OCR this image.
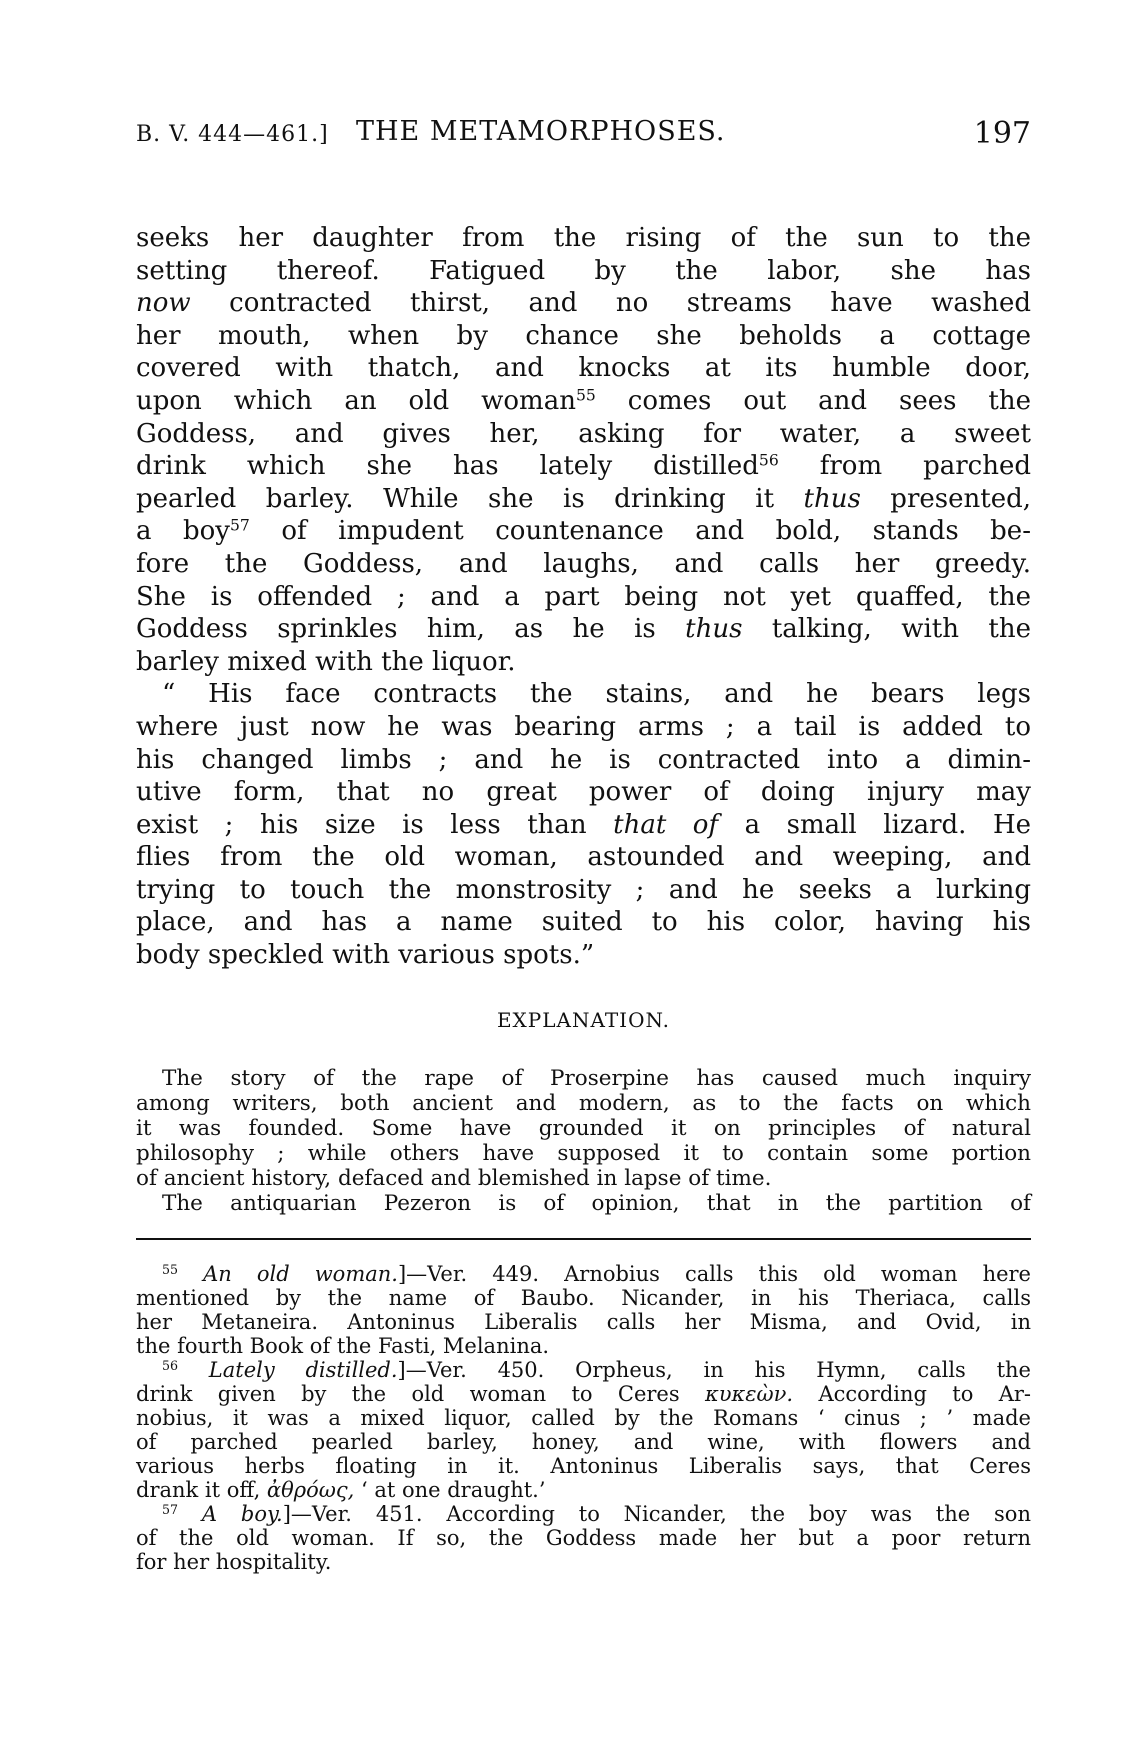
B. V. 444—461.] THE METAMORPHOSES.	197
seeks her daughter from the rising of the sun to the
setting thereof. Fatigued by the labor, she has
now contracted thirst, and no streams have washed
her mouth, when by chance she beholds a cottage
covered with thatch, and knocks at its humble door,
upon which an old woman$^{55}$ comes out and sees the
Goddess, and gives her, asking for water, a sweet
drink which she has lately distilled$^{56}$ from parched
pearled barley. While she is drinking it thus presented,
a boy$^{57}$ of impudent countenance and bold, stands be-
fore the Goddess, and laughs, and calls her greedy.
She is offended ; and a part being not yet quaffed, the
Goddess sprinkles him, as he is thus talking, with the
barley mixed with the liquor.
“ His face contracts the stains, and he bears legs
where just now he was bearing arms ; a tail is added to
his changed limbs ; and he is contracted into a dimin-
utive form, that no great power of doing injury may
exist ; his size is less than that of a small lizard. He
flies from the old woman, astounded and weeping, and
trying to touch the monstrosity ; and he seeks a lurking
place, and has a name suited to his color, having his
body speckled with various spots.”
EXPLANATION.
The story of the rape of Proserpine has caused much inquiry
among writers, both ancient and modern, as to the facts on which
it was founded. Some have grounded it on principles of natural
philosophy ; while others have supposed it to contain some portion
of ancient history, defaced and blemished in lapse of time.
The antiquarian Pezeron is of opinion, that in the partition of
$^{55}$ An old woman.]—Ver. 449. Arnobius calls this old woman here
mentioned by the name of Baubo. Nicander, in his Theriaca, calls
her Metaneira. Antoninus Liberalis calls her Misma, and Ovid, in
the fourth Book of the Fasti, Melanina.
$^{56}$ Lately distilled.]—Ver. 450. Orpheus, in his Hymn, calls the
drink given by the old woman to Ceres κυκεὼν. According to Ar-
nobius, it was a mixed liquor, called by the Romans ‘ cinus ; ’ made
of parched pearled barley, honey, and wine, with flowers and
various herbs floating in it. Antoninus Liberalis says, that Ceres
drank it off, ἀθρόως, ‘ at one draught.’
$^{57}$ A boy.]—Ver. 451. According to Nicander, the boy was the son
of the old woman. If so, the Goddess made her but a poor return
for her hospitality.
